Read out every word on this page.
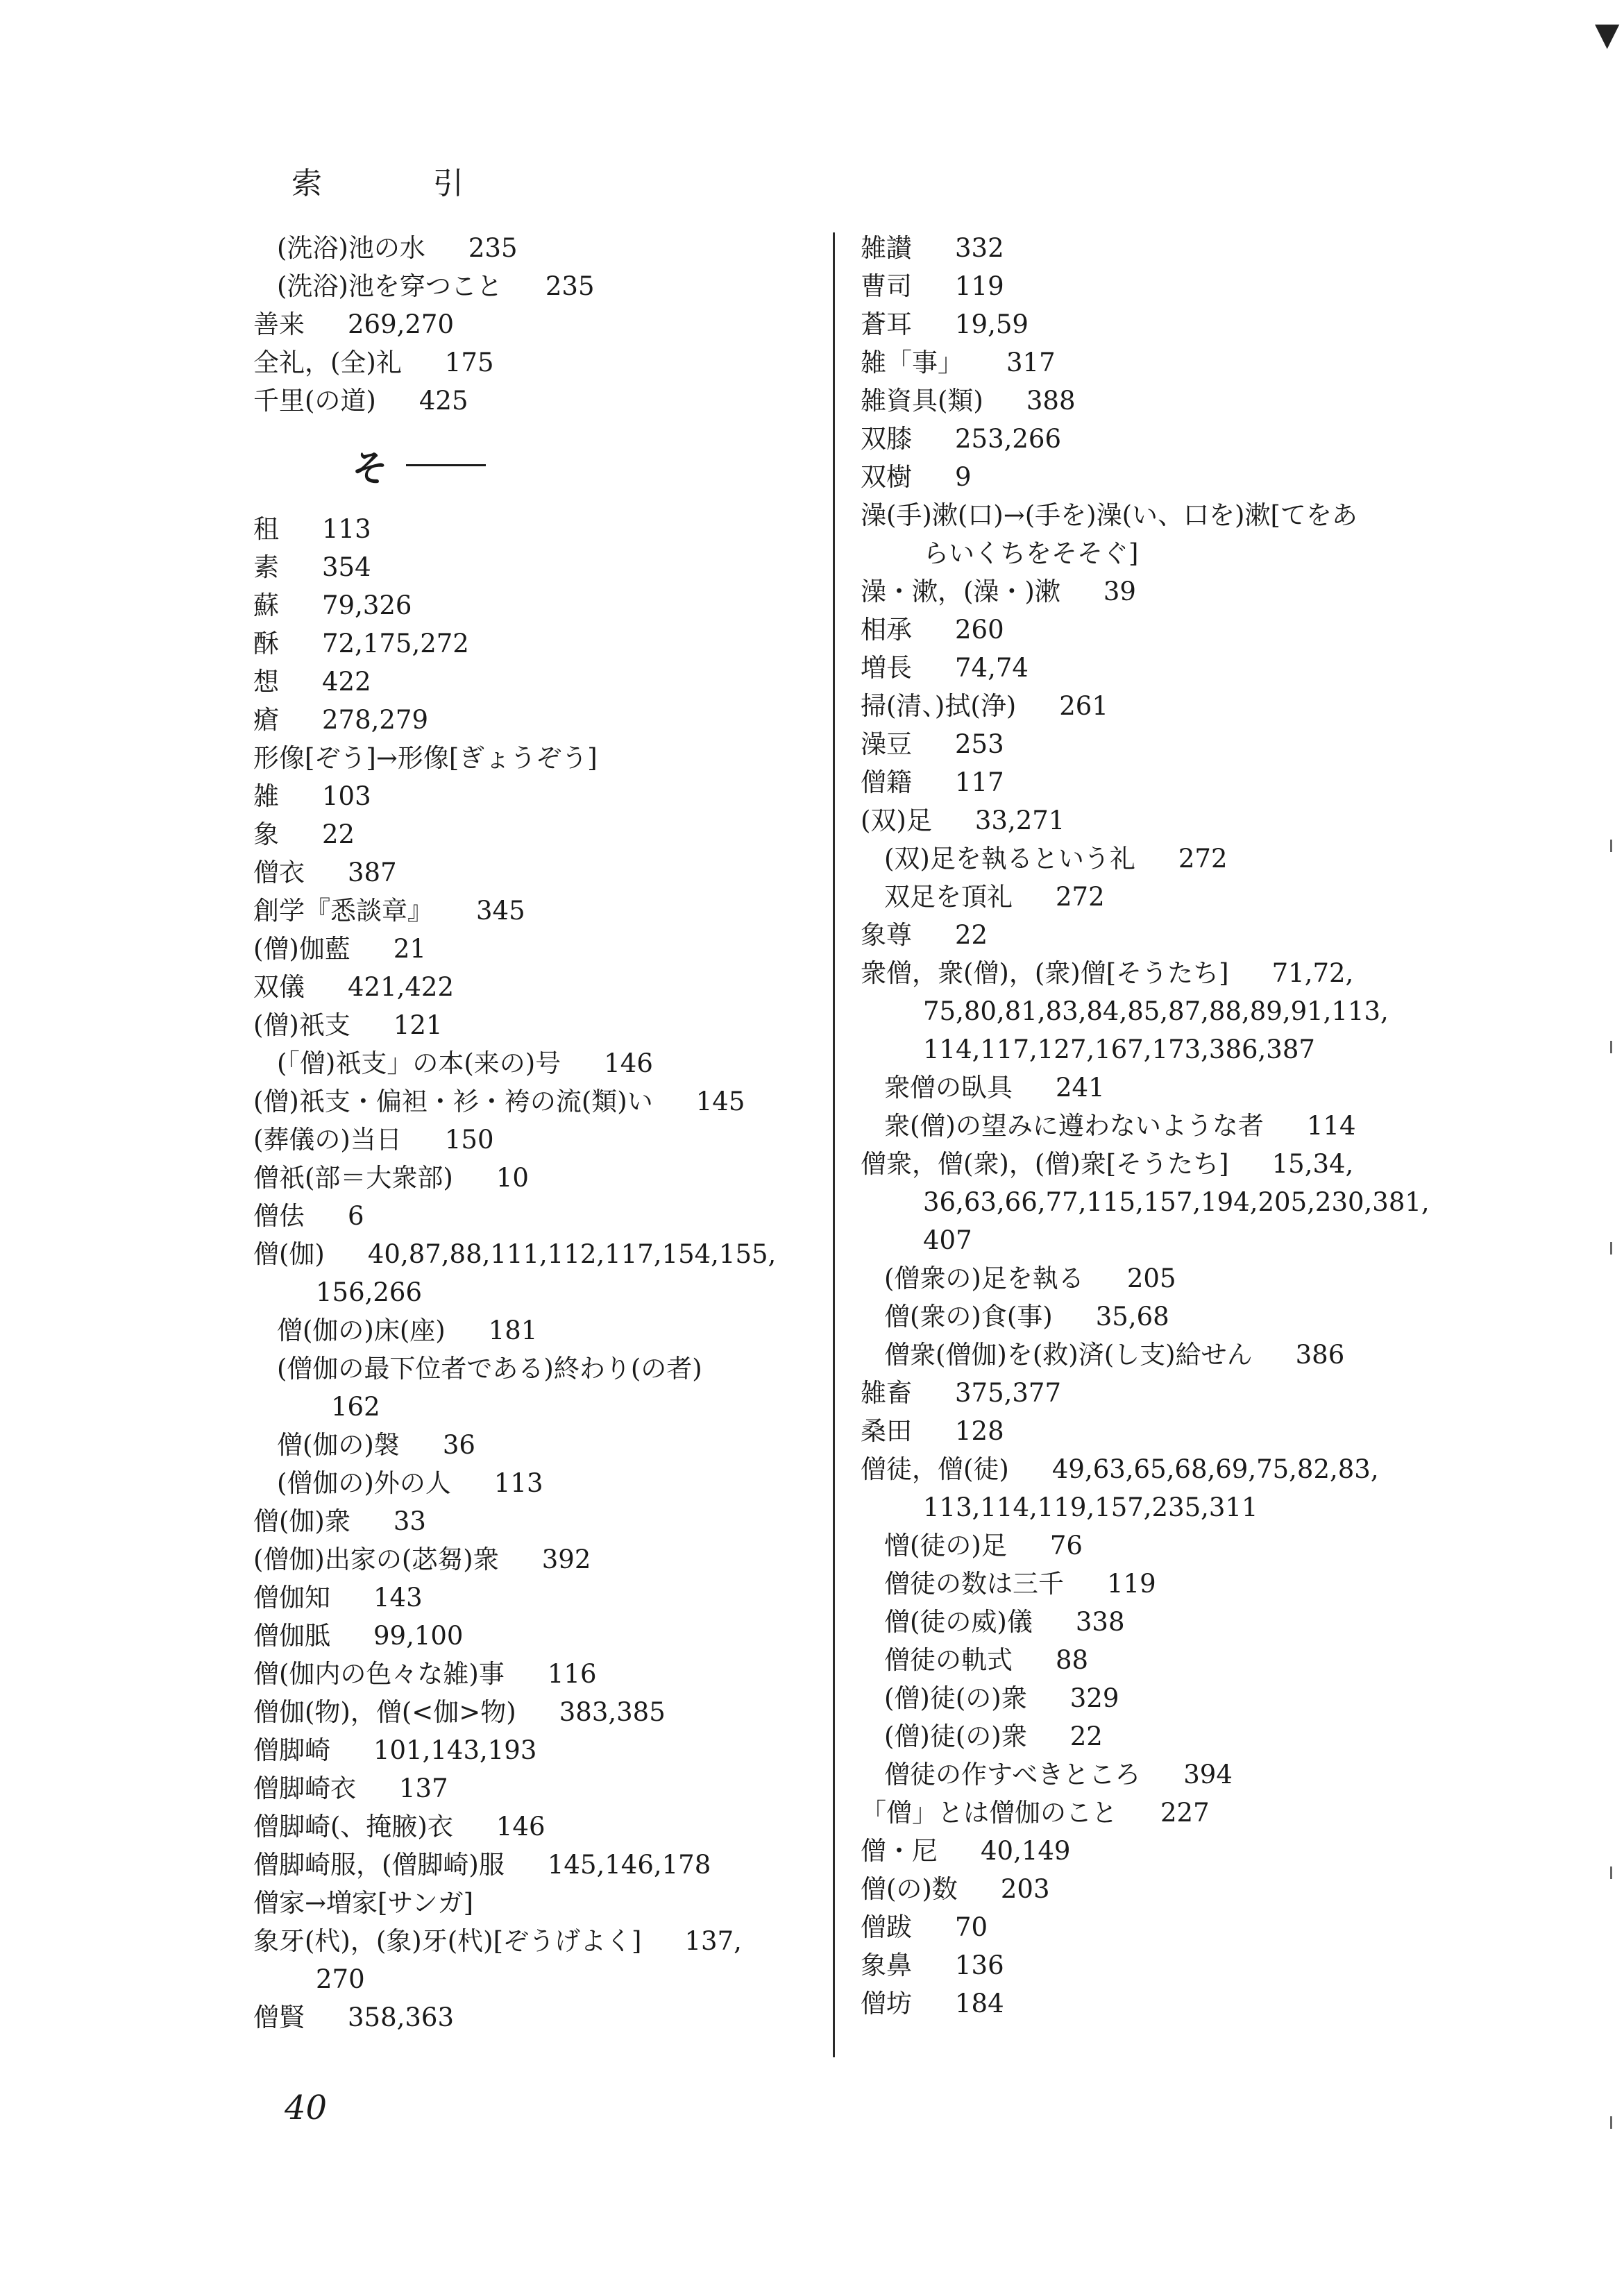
▼
索　引
(洗浴)池の水 235
(洗浴)池を穿つこと 235
善来 269,270
全礼，(全)礼 175
千里(の道) 425
そ
租 113
素 354
蘇 79,326
酥 72,175,272
想 422
瘡 278,279
形像[ぞう]→形像[ぎょうぞう]
雑 103
象 22
僧衣 387
創学『悉談章』 345
(僧)伽藍 21
双儀 421,422
(僧)祇支 121
(「僧)祇支」の本(来の)号 146
(僧)祇支・偏袒・衫・袴の流(類)い 145
(葬儀の)当日 150
僧祇(部＝大衆部) 10
僧佉 6
僧(伽) 40,87,88,111,112,117,154,155,
156,266
僧(伽の)床(座) 181
(僧伽の最下位者である)終わり(の者)
162
僧(伽の)褩 36
(僧伽の)外の人 113
僧(伽)衆 33
(僧伽)出家の(苾芻)衆 392
僧伽知 143
僧伽胝 99,100
僧(伽内の色々な雑)事 116
僧伽(物)，僧(<伽>物) 383,385
僧脚崎 101,143,193
僧脚崎衣 137
僧脚崎(、掩腋)衣 146
僧脚崎服，(僧脚崎)服 145,146,178
僧家→増家[サンガ]
象牙(杙)，(象)牙(杙)[ぞうげよく] 137,
270
僧賢 358,363
雑讃 332
曹司 119
蒼耳 19,59
雑「事」 317
雑資具(類) 388
双膝 253,266
双樹 9
澡(手)漱(口)→(手を)澡(い、口を)漱[てをあ
らいくちをそそぐ]
澡・漱，(澡・)漱 39
相承 260
増長 74,74
掃(清、)拭(浄) 261
澡豆 253
僧籍 117
(双)足 33,271
(双)足を執るという礼 272
双足を頂礼 272
象尊 22
衆僧，衆(僧)，(衆)僧[そうたち] 71,72,
75,80,81,83,84,85,87,88,89,91,113,
114,117,127,167,173,386,387
衆僧の臥具 241
衆(僧)の望みに遵わないような者 114
僧衆，僧(衆)，(僧)衆[そうたち] 15,34,
36,63,66,77,115,157,194,205,230,381,
407
(僧衆の)足を執る 205
僧(衆の)食(事) 35,68
僧衆(僧伽)を(救)済(し支)給せん 386
雑畜 375,377
桑田 128
僧徒，僧(徒) 49,63,65,68,69,75,82,83,
113,114,119,157,235,311
憎(徒の)足 76
僧徒の数は三千 119
僧(徒の威)儀 338
僧徒の軌式 88
(僧)徒(の)衆 329
(僧)徒(の)衆 22
僧徒の作すべきところ 394
「僧」とは僧伽のこと 227
僧・尼 40,149
僧(の)数 203
僧跋 70
象鼻 136
僧坊 184
40
